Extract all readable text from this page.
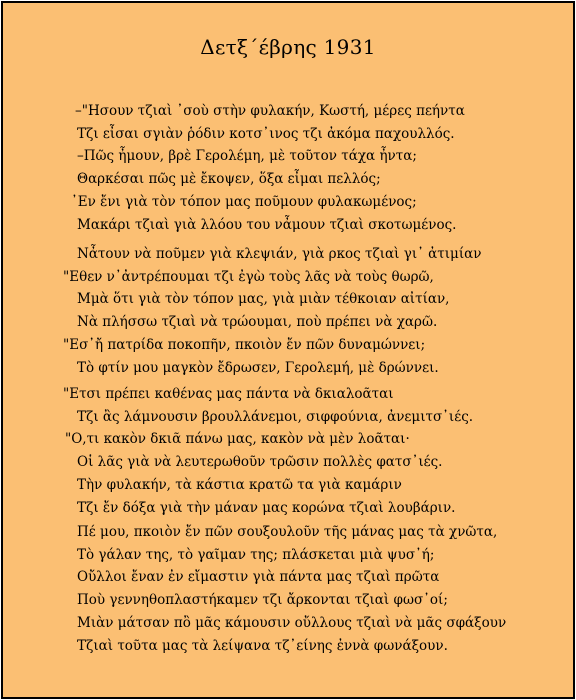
Δετξ΄έβρης 1931
–"Ησουν τζιαὶ ᾽σοὺ στὴν φυλακήν, Κωστή, μέρες πεήντα
Τζι εἶσαι σγιὰν ῥόδιν κοτσ᾽ινος τζι ἀκόμα παχουλλός.
–Πῶς ἦμουν, βρὲ Γερολέμη, μὲ τοῦτον τάχα ἦντα;
Θαρκέσαι πῶς μὲ ἔκοψεν, ὅξα εἶμαι πελλός;
᾽Εν ἔνι γιὰ τὸν τόπον μας ποῦμουν φυλακωμένος;
Μακάρι τζιαὶ γιὰ λλόου του νἆμουν τζιαὶ σκοτωμένος.
Νἆτουν νὰ ποῦμεν γιὰ κλεψιάν, γιὰ ρκος τζιαὶ γι᾽ ἀτιμίαν
"Εθεν ν᾽ἀντρέπουμαι τζι ἐγὼ τοὺς λᾶς νὰ τοὺς θωρῶ,
Μμὰ ὅτι γιὰ τὸν τόπον μας, γιὰ μιὰν τέθκοιαν αἰτίαν,
Νὰ πλήσσω τζιαὶ νὰ τρώουμαι, ποὺ πρέπει νὰ χαρῶ.
"Εσ᾽ἤ πατρίδα ποκοπῆν, πκοιὸν ἔν πῶν δυναμώννει;
Τὸ φτίν μου μαγκὸν ἔδρωσεν, Γερολεμή, μὲ δρώννει.
"Ετσι πρέπει καθένας μας πάντα νὰ δκιαλοᾶται
Τζι ἂς λάμνουσιν βρουλλάνεμοι, σιφφούνια, ἀνεμιτσ᾽ιές.
"Ο,τι κακὸν δκιᾶ πάνω μας, κακὸν νὰ μὲν λοᾶται·
Οἱ λᾶς γιὰ νὰ λευτερωθοῦν τρῶσιν πολλὲς φατσ᾽ιές.
Τὴν φυλακήν, τὰ κάστια κρατῶ τα γιὰ καμάριν
Τζι ἔν δόξα γιὰ τὴν μάναν μας κορώνα τζιαὶ λουβάριν.
Πέ μου, πκοιὸν ἔν πῶν σουξουλοῦν τῆς μάνας μας τὰ χνῶτα,
Τὸ γάλαν της, τὸ γαῖμαν της; πλάσκεται μιὰ ψυσ᾽ή;
Οὔλλοι ἔναν ἐν εἴμαστιν γιὰ πάντα μας τζιαὶ πρῶτα
Ποὺ γεννηθοπλαστήκαμεν τζι ἄρκονται τζιαὶ φωσ᾽οί;
Μιὰν μάτσαν πὂ μᾶς κάμουσιν οὔλλους τζιαὶ νὰ μᾶς σφάξουν
Τζιαὶ τοῦτα μας τὰ λείψανα τζ᾽είνης ἐννὰ φωνάξουν.
